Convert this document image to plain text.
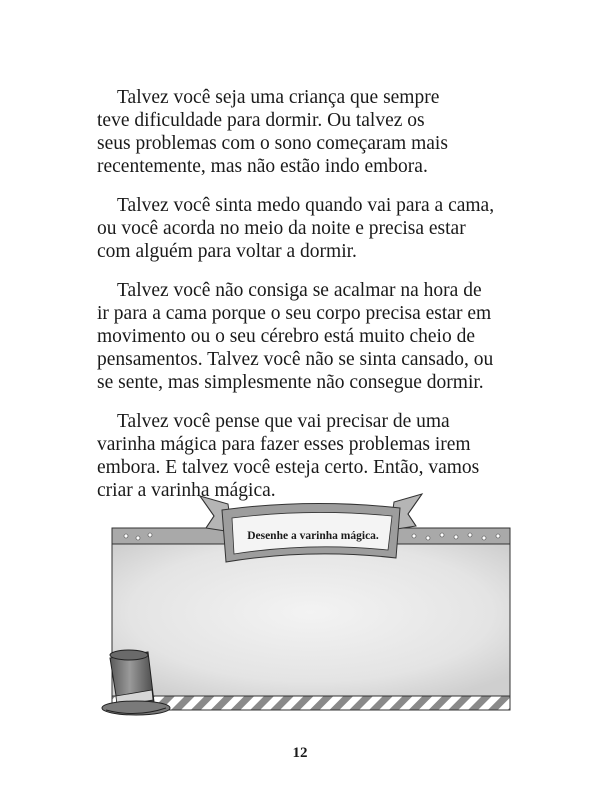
Talvez você seja uma criança que sempre
teve dificuldade para dormir. Ou talvez os
seus problemas com o sono começaram mais
recentemente, mas não estão indo embora.

Talvez você sinta medo quando vai para a cama,
ou você acorda no meio da noite e precisa estar
com alguém para voltar a dormir.

Talvez você não consiga se acalmar na hora de
ir para a cama porque o seu corpo precisa estar em
movimento ou o seu cérebro está muito cheio de
pensamentos. Talvez você não se sinta cansado, ou
se sente, mas simplesmente não consegue dormir.

Talvez você pense que vai precisar de uma
varinha mágica para fazer esses problemas irem
embora. E talvez você esteja certo. Então, vamos
criar a varinha mágica.

Desenhe a varinha mágica.
12
